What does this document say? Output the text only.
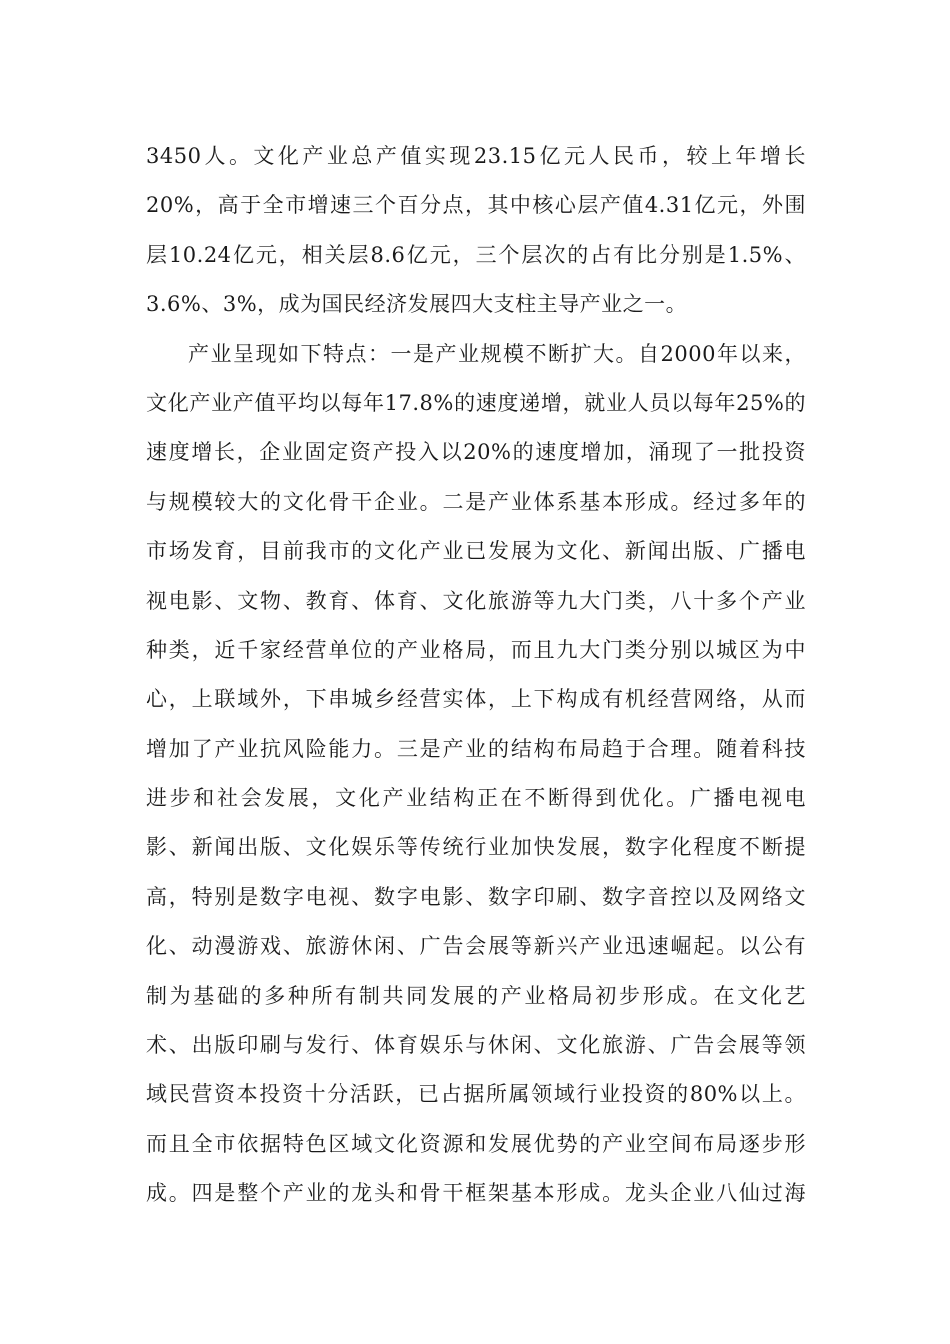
3450人。文化产业总产值实现23.15亿元人民币，较上年增长
20%，高于全市增速三个百分点，其中核心层产值4.31亿元，外围
层10.24亿元，相关层8.6亿元，三个层次的占有比分别是1.5%、
3.6%、3%，成为国民经济发展四大支柱主导产业之一。
产业呈现如下特点：一是产业规模不断扩大。自2000年以来，
文化产业产值平均以每年17.8%的速度递增，就业人员以每年25%的
速度增长，企业固定资产投入以20%的速度增加，涌现了一批投资
与规模较大的文化骨干企业。二是产业体系基本形成。经过多年的
市场发育，目前我市的文化产业已发展为文化、新闻出版、广播电
视电影、文物、教育、体育、文化旅游等九大门类，八十多个产业
种类，近千家经营单位的产业格局，而且九大门类分别以城区为中
心，上联域外，下串城乡经营实体，上下构成有机经营网络，从而
增加了产业抗风险能力。三是产业的结构布局趋于合理。随着科技
进步和社会发展，文化产业结构正在不断得到优化。广播电视电
影、新闻出版、文化娱乐等传统行业加快发展，数字化程度不断提
高，特别是数字电视、数字电影、数字印刷、数字音控以及网络文
化、动漫游戏、旅游休闲、广告会展等新兴产业迅速崛起。以公有
制为基础的多种所有制共同发展的产业格局初步形成。在文化艺
术、出版印刷与发行、体育娱乐与休闲、文化旅游、广告会展等领
域民营资本投资十分活跃，已占据所属领域行业投资的80%以上。
而且全市依据特色区域文化资源和发展优势的产业空间布局逐步形
成。四是整个产业的龙头和骨干框架基本形成。龙头企业八仙过海
